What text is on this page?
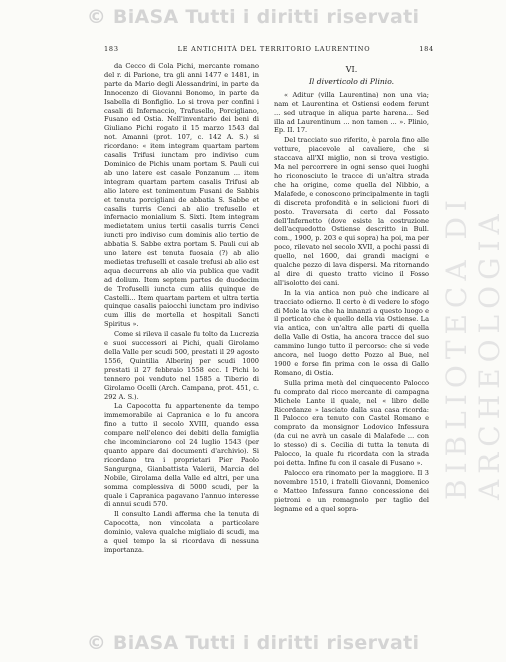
© BiASA Tutti i diritti riservati
© BiASA Tutti i diritti riservati
BIBLIOTECA DI ARCHEOLOGIA
183	LE ANTICHITÀ DEL TERRITORIO LAURENTINO	184

da Cecco di Cola Pichi, mercante romano del r. di Parione, tra gli anni 1477 e 1481, in parte da Mario degli Alessandrini, in parte da Innocenzo di Giovanni Bonomo, in parte da Isabella di Bonfiglio. Lo si trova per confini i casali di Infernaccio, Trafusello, Porcigliano, Fusano ed Ostia. Nell'inventario dei beni di Giuliano Pichi rogato il 15 marzo 1543 dal not. Amanni (prot. 107, c. 142 A. S.) si ricordano: « item integram quartam partem casalis Trifusi iunctam pro indiviso cum Dominico de Pichis unam portam S. Pauli cui ab uno latere est casale Ponzanum ... item integram quartam partem casalis Trifusi ab alio latere est tenimentum Fusani de Sabbis et tenuta porcigliani de abbatia S. Sabbe et casalis turris Cenci ab alio trefusello et infernacio monialium S. Sixti. Item integram medietatem unius tertii casalis turris Cenci iuncti pro indiviso cum dominis alio tertio de abbatia S. Sabbe extra portam S. Pauli cui ab uno latere est tenuta fuosaia (?) ab alio medietas trefuselli et casale trefusi ab alio est aqua decurrens ab alio via publica que vadit ad dolium. Item septem partes de duodecim de Trofuselli iuncta cum aliis quinque de Castelli... Item quartam partem et ultra tertia quinque casalis paiocchi iunctam pro indiviso cum illis de mortella et hospitali Sancti Spiritus ».

Come si rileva il casale fu tolto da Lucrezia e suoi successori ai Pichi, quali Girolamo della Valle per scudi 500, prestati il 29 agosto 1556, Quintilia Alberinj per scudi 1000 prestati il 27 febbraio 1558 ecc. I Pichi lo tennero poi venduto nel 1585 a Tiberio di Girolamo Ocelli (Arch. Campana, prot. 451, c. 292 A. S.).

La Capocotta fu appartenente da tempo immemorabile ai Capranica e lo fu ancora fino a tutto il secolo XVIII, quando essa compare nell'elenco dei debiti della famiglia che incominciarono col 24 luglio 1543 (per quanto appare dai documenti d'archivio). Si ricordano tra i proprietari Pier Paolo Sangurgna, Gianbattista Valerii, Marcia del Nobile, Girolama della Valle ed altri, per una somma complessiva di 5000 scudi, per la quale i Capranica pagavano l'annuo interesse di annui scudi 570.

Il consulto Landi afferma che la tenuta di Capocotta, non vincolata a particolare dominio, valeva qualche migliaio di scudi, ma a quel tempo la si ricordava di nessuna importanza.

VI.
Il diverticolo di Plinio.

« Aditur (villa Laurentina) non una via; nam et Laurentina et Ostiensi eodem ferunt ... sed utraque in aliqua parte harena... Sed illa ad Laurentinum ... non tamen ... ». Plinio, Ep. II. 17.

Del tracciato suo riferito, è parola fino alle vetture, piacevole al cavaliere, che si staccava all'XI miglio, non si trova vestigio. Ma nel percorrere in ogni senso quei luoghi ho riconosciuto le tracce di un'altra strada che ha origine, come quella del Nibbio, a Malafede, e conoscono principalmente in tagli di discreta profondità e in selicioni fuori di posto. Traversata di certo dal Fossato dell'Infernetto (dove esiste la costruzione dell'acquedotto Ostiense descritto in Bull. com., 1900, p. 203 e qui sopra) ha poi, ma per poco, rilevato nel secolo XVII, a pochi passi di quello, nel 1600, dai grandi macigni e qualche pezzo di lava dispersi. Ma ritornando al dire di questo tratto vicino il Fosso all'isolotto dei cani.

In la via antica non può che indicare al tracciato odierno. Il certo è di vedere lo sfogo di Mole la via che ha innanzi a questo luogo e il porticato che è quello della via Ostiense. La via antica, con un'altra alle parti di quella della Valle di Ostia, ha ancora tracce del suo cammino lungo tutto il percorso: che si vede ancora, nel luogo detto Pozzo al Bue, nel 1900 e forse fin prima con le ossa di Gallo Romano, di Ostia.

Sulla prima metà del cinquecento Palocco fu comprato dal ricco mercante di campagna Michele Lante il quale, nel « libro delle Ricordanze » lasciato dalla sua casa ricorda: Il Palocco era tenuto con Castel Romano e comprato da monsignor Lodovico Infessura (da cui ne avrà un casale di Malafede ... con lo stesso) di s. Cecilia di tutta la tenuta di Palocco, la quale fu ricordata con la strada poi detta. Infine fu con il casale di Fusano ».

Palocco era rinomato per la maggiore. Il 3 novembre 1510, i fratelli Giovanni, Domenico e Matteo Infessura fanno concessione dei pietroni e un romagnolo per taglio del legname ed a quel sopra-
